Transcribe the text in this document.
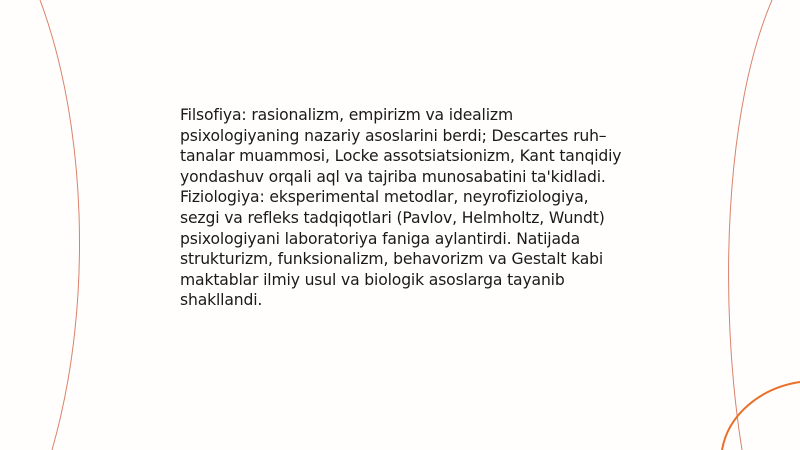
Filsofiya: rasionalizm, empirizm va idealizm psixologiyaning nazariy asoslarini berdi; Descartes ruh–tanalar muammosi, Locke assotsiatsionizm, Kant tanqidiy yondashuv orqali aql va tajriba munosabatini ta'kidladi. Fiziologiya: eksperimental metodlar, neyrofiziologiya, sezgi va refleks tadqiqotlari (Pavlov, Helmholtz, Wundt) psixologiyani laboratoriya faniga aylantirdi. Natijada strukturizm, funksionalizm, behavorizm va Gestalt kabi maktablar ilmiy usul va biologik asoslarga tayanib shakllandi.
